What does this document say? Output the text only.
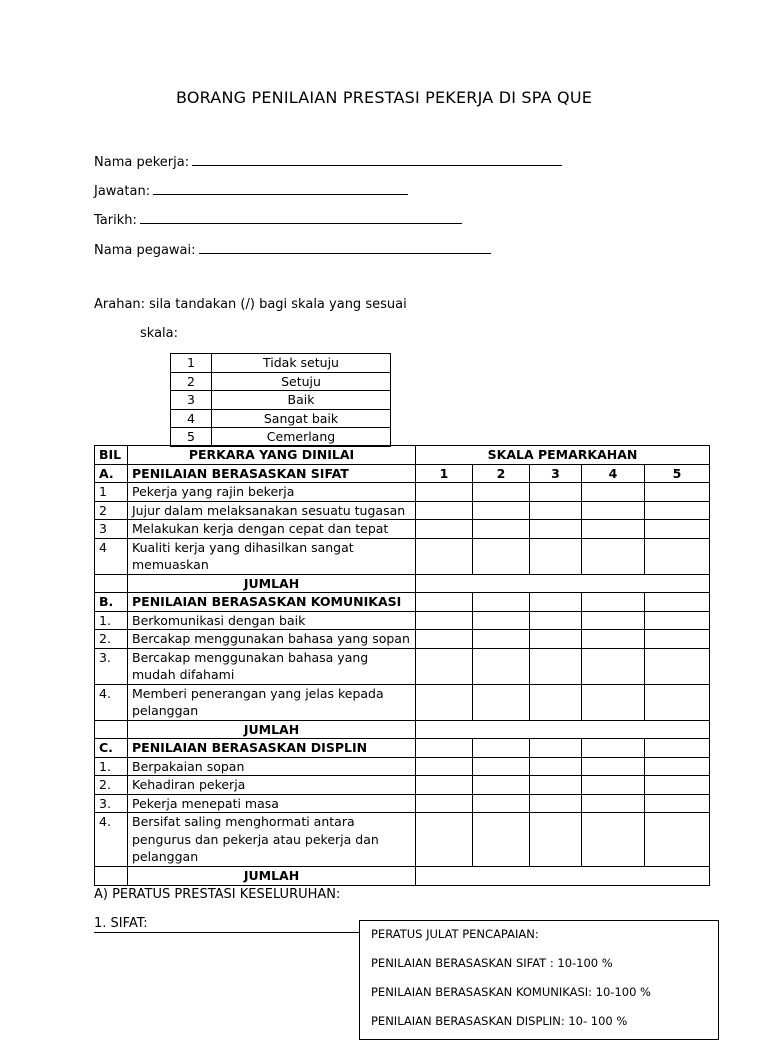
BORANG PENILAIAN PRESTASI PEKERJA DI SPA QUE
Nama pekerja:
Jawatan:
Tarikh:
Nama pegawai:
Arahan: sila tandakan (/) bagi skala yang sesuai
skala:
1	Tidak setuju
2	Setuju
3	Baik
4	Sangat baik
5	Cemerlang
BIL	PERKARA YANG DINILAI	SKALA PEMARKAHAN				
A.	PENILAIAN BERASASKAN SIFAT	1	2	3	4	5
1	Pekerja yang rajin bekerja					

2	Jujur dalam melaksanakan sesuatu tugasan					

3	Melakukan kerja dengan cepat dan tepat					

4	Kualiti kerja yang dihasilkan sangat
memuaskan					

	JUMLAH					
B.	PENILAIAN BERASASKAN KOMUNIKASI					
1.	Berkomunikasi dengan baik					

2.	Bercakap menggunakan bahasa yang sopan					

3.	Bercakap menggunakan bahasa yang
mudah difahami					

4.	Memberi penerangan yang jelas kepada
pelanggan					

	JUMLAH					
C.	PENILAIAN BERASASKAN DISPLIN					
1.	Berpakaian sopan					

2.	Kehadiran pekerja					

3.	Pekerja menepati masa					

4.	Bersifat saling menghormati antara
pengurus dan pekerja atau pekerja dan
pelanggan					

	JUMLAH					
A) PERATUS PRESTASI KESELURUHAN:
1. SIFAT:
PERATUS JULAT PENCAPAIAN:
PENILAIAN BERASASKAN SIFAT : 10-100 %
PENILAIAN BERASASKAN KOMUNIKASI: 10-100 %
PENILAIAN BERASASKAN DISPLIN: 10- 100 %
